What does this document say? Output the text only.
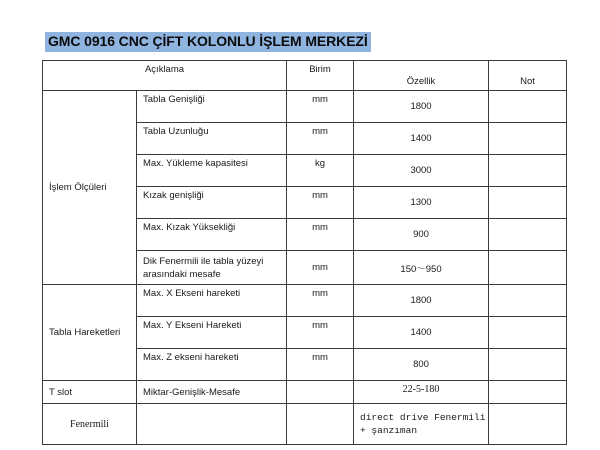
GMC 0916 CNC ÇİFT KOLONLU İŞLEM MERKEZİ
Açıklama		Birim	Özellik	Not
İşlem Ölçüleri	Tabla Genişliği	mm	1800	
	Tabla Uzunluğu	mm	1400	
	Max. Yükleme kapasitesi	kg	3000	
	Kızak genişliği	mm	1300	
	Max. Kızak Yüksekliği	mm	900	
	Dik Fenermili ile tabla yüzeyi
arasındaki mesafe	mm	150～950	
Tabla Hareketleri	Max. X Ekseni hareketi	mm	1800	
	Max. Y Ekseni Hareketi	mm	1400	
	Max. Z ekseni hareketi	mm	800	
T slot	Miktar-Genişlik-Mesafe		22-5-180	
Fenermili			direct drive Fenermili
+ şanzıman	
